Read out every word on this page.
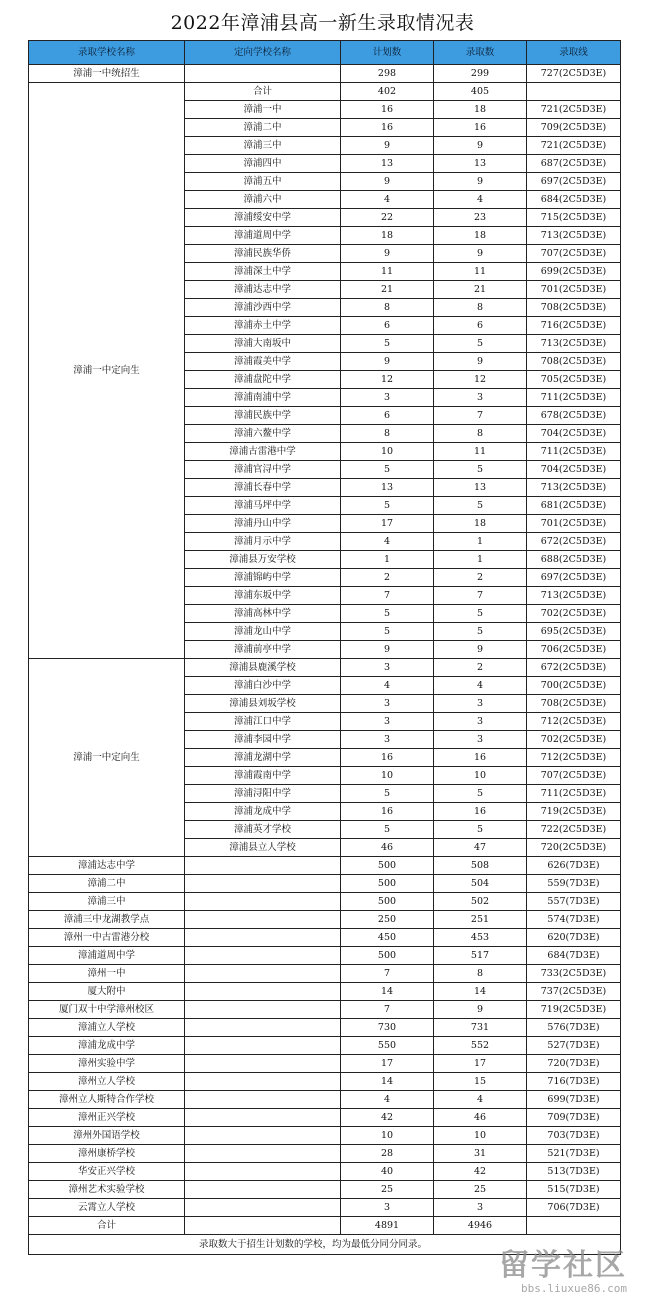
2022年漳浦县高一新生录取情况表
录取学校名称	定向学校名称	计划数	录取数	录取线
漳浦一中统招生		298	299	727(2C5D3E)
漳浦一中定向生	合计	402	405	
	漳浦一中	16	18	721(2C5D3E)
	漳浦二中	16	16	709(2C5D3E)
	漳浦三中	9	9	721(2C5D3E)
	漳浦四中	13	13	687(2C5D3E)
	漳浦五中	9	9	697(2C5D3E)
	漳浦六中	4	4	684(2C5D3E)
	漳浦绥安中学	22	23	715(2C5D3E)
	漳浦道周中学	18	18	713(2C5D3E)
	漳浦民族华侨	9	9	707(2C5D3E)
	漳浦深土中学	11	11	699(2C5D3E)
	漳浦达志中学	21	21	701(2C5D3E)
	漳浦沙西中学	8	8	708(2C5D3E)
	漳浦赤土中学	6	6	716(2C5D3E)
	漳浦大南坂中	5	5	713(2C5D3E)
	漳浦霞美中学	9	9	708(2C5D3E)
	漳浦盘陀中学	12	12	705(2C5D3E)
	漳浦南浦中学	3	3	711(2C5D3E)
	漳浦民族中学	6	7	678(2C5D3E)
	漳浦六鳌中学	8	8	704(2C5D3E)
	漳浦古雷港中学	10	11	711(2C5D3E)
	漳浦官浔中学	5	5	704(2C5D3E)
	漳浦长春中学	13	13	713(2C5D3E)
	漳浦马坪中学	5	5	681(2C5D3E)
	漳浦丹山中学	17	18	701(2C5D3E)
	漳浦月示中学	4	1	672(2C5D3E)
	漳浦县万安学校	1	1	688(2C5D3E)
	漳浦锦屿中学	2	2	697(2C5D3E)
	漳浦东坂中学	7	7	713(2C5D3E)
	漳浦高林中学	5	5	702(2C5D3E)
	漳浦龙山中学	5	5	695(2C5D3E)
	漳浦前亭中学	9	9	706(2C5D3E)
漳浦一中定向生	漳浦县鹿溪学校	3	2	672(2C5D3E)
	漳浦白沙中学	4	4	700(2C5D3E)
	漳浦县刘坂学校	3	3	708(2C5D3E)
	漳浦江口中学	3	3	712(2C5D3E)
	漳浦李园中学	3	3	702(2C5D3E)
	漳浦龙湖中学	16	16	712(2C5D3E)
	漳浦霞南中学	10	10	707(2C5D3E)
	漳浦浔阳中学	5	5	711(2C5D3E)
	漳浦龙成中学	16	16	719(2C5D3E)
	漳浦英才学校	5	5	722(2C5D3E)
	漳浦县立人学校	46	47	720(2C5D3E)
漳浦达志中学		500	508	626(7D3E)
漳浦二中		500	504	559(7D3E)
漳浦三中		500	502	557(7D3E)
漳浦三中龙湖教学点		250	251	574(7D3E)
漳州一中古雷港分校		450	453	620(7D3E)
漳浦道周中学		500	517	684(7D3E)
漳州一中		7	8	733(2C5D3E)
厦大附中		14	14	737(2C5D3E)
厦门双十中学漳州校区		7	9	719(2C5D3E)
漳浦立人学校		730	731	576(7D3E)
漳浦龙成中学		550	552	527(7D3E)
漳州实验中学		17	17	720(7D3E)
漳州立人学校		14	15	716(7D3E)
漳州立人斯特合作学校		4	4	699(7D3E)
漳州正兴学校		42	46	709(7D3E)
漳州外国语学校		10	10	703(7D3E)
漳州康桥学校		28	31	521(7D3E)
华安正兴学校		40	42	513(7D3E)
漳州艺术实验学校		25	25	515(7D3E)
云霄立人学校		3	3	706(7D3E)
合计		4891	4946	
录取数大于招生计划数的学校，均为最低分同分同录。				
留学社区
bbs.liuxue86.com
